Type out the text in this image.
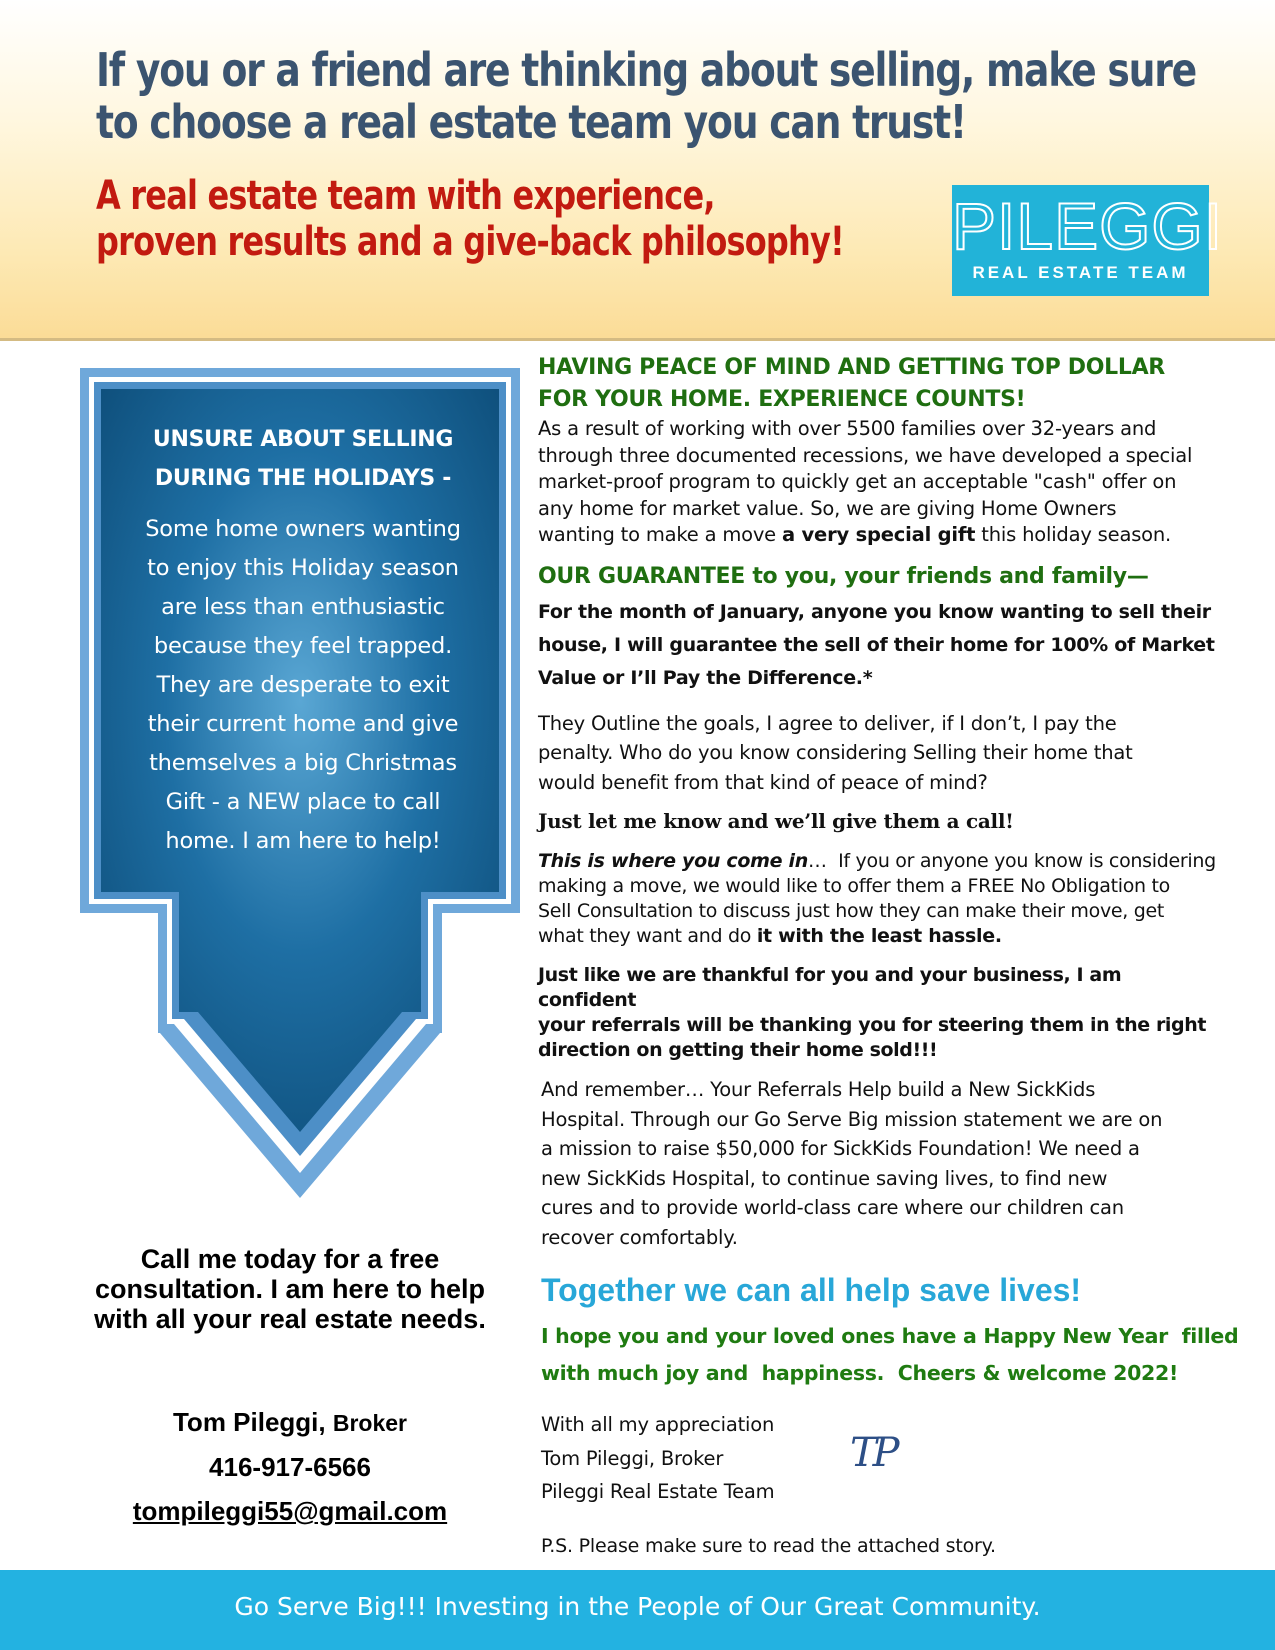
If you or a friend are thinking about selling, make sure
to choose a real estate team you can trust!
A real estate team with experience,
proven results and a give-back philosophy! PILEGGI
REAL ESTATE TEAM
UNSURE ABOUT SELLING
DURING THE HOLIDAYS -
Some home owners wanting
to enjoy this Holiday season
are less than enthusiastic
because they feel trapped.
They are desperate to exit
their current home and give
themselves a big Christmas
Gift - a NEW place to call
home. I am here to help!
Call me today for a free
consultation. I am here to help
with all your real estate needs.
Tom Pileggi, Broker
416-917-6566
tompileggi55@gmail.com
HAVING PEACE OF MIND AND GETTING TOP DOLLAR
FOR YOUR HOME. EXPERIENCE COUNTS!
As a result of working with over 5500 families over 32-years and
through three documented recessions, we have developed a special
market-proof program to quickly get an acceptable "cash" offer on
any home for market value. So, we are giving Home Owners
wanting to make a move a very special gift this holiday season.
OUR GUARANTEE to you, your friends and family—
For the month of January, anyone you know wanting to sell their
house, I will guarantee the sell of their home for 100% of Market
Value or I’ll Pay the Difference.*
They Outline the goals, I agree to deliver, if I don’t, I pay the
penalty. Who do you know considering Selling their home that
would benefit from that kind of peace of mind?
Just let me know and we’ll give them a call!
This is where you come in…  If you or anyone you know is considering
making a move, we would like to offer them a FREE No Obligation to
Sell Consultation to discuss just how they can make their move, get
what they want and do it with the least hassle.
Just like we are thankful for you and your business, I am confident
your referrals will be thanking you for steering them in the right
direction on getting their home sold!!!
And remember… Your Referrals Help build a New SickKids
Hospital. Through our Go Serve Big mission statement we are on
a mission to raise $50,000 for SickKids Foundation! We need a
new SickKids Hospital, to continue saving lives, to find new
cures and to provide world-class care where our children can
recover comfortably.
Together we can all help save lives!
I hope you and your loved ones have a Happy New Year  filled
with much joy and  happiness.  Cheers & welcome 2022!
With all my appreciation
Tom Pileggi, Broker
Pileggi Real Estate Team
TP
P.S. Please make sure to read the attached story.
Go Serve Big!!! Investing in the People of Our Great Community.
